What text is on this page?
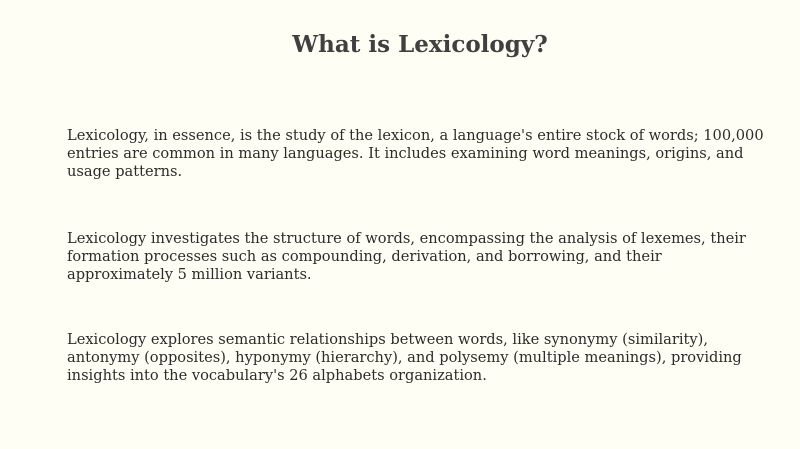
What is Lexicology?

Lexicology, in essence, is the study of the lexicon, a language's entire stock of words; 100,000 entries are common in many languages. It includes examining word meanings, origins, and usage patterns.

Lexicology investigates the structure of words, encompassing the analysis of lexemes, their formation processes such as compounding, derivation, and borrowing, and their approximately 5 million variants.

Lexicology explores semantic relationships between words, like synonymy (similarity), antonymy (opposites), hyponymy (hierarchy), and polysemy (multiple meanings), providing insights into the vocabulary's 26 alphabets organization.
